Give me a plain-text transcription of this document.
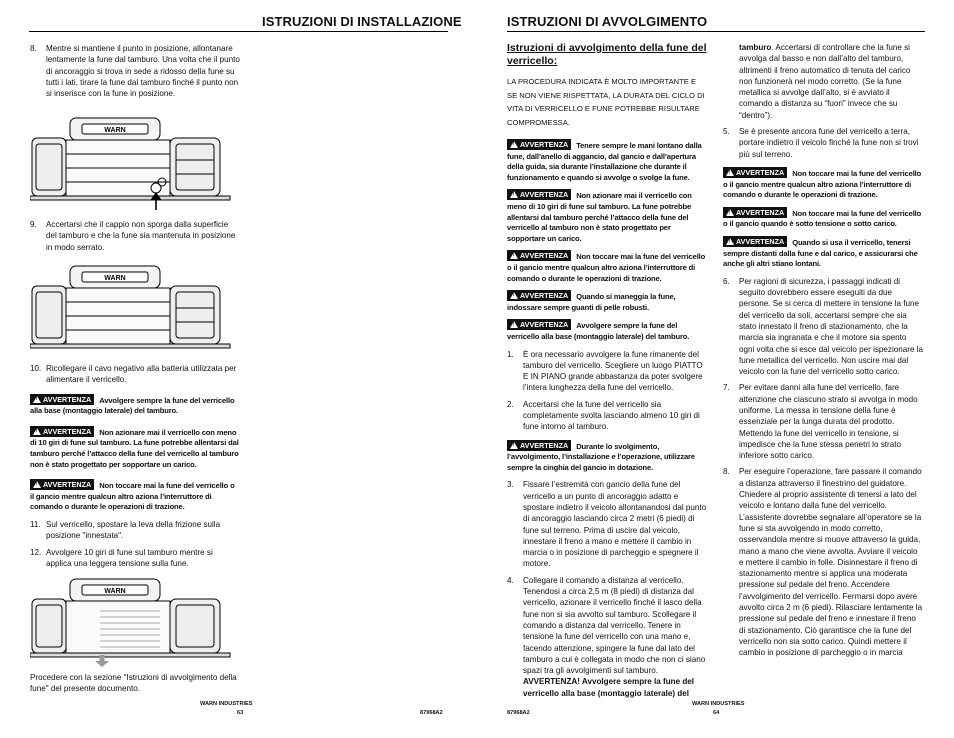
ISTRUZIONI DI INSTALLAZIONE
8.	Mentre si mantiene il punto in posizione, allontanare lentamente la fune dal tamburo. Una volta che il punto di ancoraggio si trova in sede a ridosso della fune su tutti i lati, tirare la fune dal tamburo finché il punto non si inserisce con la fune in posizione.
WARN
9.	Accertarsi che il cappio non sporga dalla superficie del tamburo e che la fune sia mantenuta in posizione in modo serrato.
WARN
10. Ricollegare il cavo negativo alla batteria utilizzata per alimentare il verricello.
!AVVERTENZA Avvolgere sempre la fune del verricello alla base (montaggio laterale) del tamburo.
!AVVERTENZA Non azionare mai il verricello con meno di 10 giri di fune sul tamburo. La fune potrebbe allentarsi dal tamburo perché l’attacco della fune del verricello al tamburo non è stato progettato per sopportare un carico.
!AVVERTENZA Non toccare mai la fune del verricello o il gancio mentre qualcun altro aziona l’interruttore di comando o durante le operazioni di trazione.
11. Sul verricello, spostare la leva della frizione sulla posizione "innestata".
12. Avvolgere 10 giri di fune sul tamburo mentre si applica una leggera tensione sulla fune.
WARN
Procedere con la sezione "Istruzioni di avvolgimento della fune" del presente documento.
WARN INDUSTRIES
63	87968A2
ISTRUZIONI DI AVVOLGIMENTO
Istruzioni di avvolgimento della fune del verricello:
LA PROCEDURA INDICATA È MOLTO IMPORTANTE E SE NON VIENE RISPETTATA, LA DURATA DEL CICLO DI VITA DI VERRICELLO E FUNE POTREBBE RISULTARE COMPROMESSA.
!AVVERTENZA Tenere sempre le mani lontano dalla fune, dall’anello di aggancio, dal gancio e dall’apertura della guida, sia durante l’installazione che durante il funzionamento e quando si avvolge o svolge la fune.
!AVVERTENZA Non azionare mai il verricello con meno di 10 giri di fune sul tamburo. La fune potrebbe allentarsi dal tamburo perché l’attacco della fune del verricello al tamburo non è stato progettato per sopportare un carico.
!AVVERTENZA Non toccare mai la fune del verricello o il gancio mentre qualcun altro aziona l’interruttore di comando o durante le operazioni di trazione.
!AVVERTENZA Quando si maneggia la fune, indossare sempre guanti di pelle robusti.
!AVVERTENZA Avvolgere sempre la fune del verricello alla base (montaggio laterale) del tamburo.
1.	È ora necessario avvolgere la fune rimanente del tamburo del verricello. Scegliere un luogo PIATTO E IN PIANO grande abbastanza da poter svolgere l’intera lunghezza della fune del verricello.
2.	Accertarsi che la fune del verricello sia completamente svolta lasciando almeno 10 giri di fune intorno al tamburo.
!AVVERTENZA Durante lo svolgimento, l’avvolgimento, l’installazione e l’operazione, utilizzare sempre la cinghia del gancio in dotazione.
3.	Fissare l’estremità con gancio della fune del verricello a un punto di ancoraggio adatto e spostare indietro il veicolo allontanandosi dal punto di ancoraggio lasciando circa 2 metri (6 piedi) di fune sul terreno. Prima di uscire dal veicolo, innestare il freno a mano e mettere il cambio in marcia o in posizione di parcheggio e spegnere il motore.
4.	Collegare il comando a distanza al verricello. Tenendosi a circa 2,5 m (8 piedi) di distanza dal verricello, azionare il verricello finché il lasco della fune non si sia avvolto sul tamburo. Scollegare il comando a distanza dal verricello. Tenere in tensione la fune del verricello con una mano e, facendo attenzione, spingere la fune dal lato del tamburo a cui è collegata in modo che non ci siano spazi tra gli avvolgimenti sul tamburo. AVVERTENZA! Avvolgere sempre la fune del verricello alla base (montaggio laterale) del

tamburo. Accertarsi di controllare che la fune si avvolga dal basso e non dall’alto del tamburo, altrimenti il freno automatico di tenuta del carico non funzionerà nel modo corretto. (Se la fune metallica si avvolge dall’alto, si è avviato il comando a distanza su “fuori” invece che su “dentro”).

5.	Se è presente ancora fune del verricello a terra, portare indietro il veicolo finché la fune non si trovi più sul terreno.
!AVVERTENZA Non toccare mai la fune del verricello o il gancio mentre qualcun altro aziona l’interruttore di comando o durante le operazioni di trazione.
!AVVERTENZA Non toccare mai la fune del verricello o il gancio quando è sotto tensione o sotto carico.
!AVVERTENZA Quando si usa il verricello, tenersi sempre distanti dalla fune e dal carico, e assicurarsi che anche gli altri stiano lontani.
6.	Per ragioni di sicurezza, i passaggi indicati di seguito dovrebbero essere eseguiti da due persone. Se si cerca di mettere in tensione la fune del verricello da soli, accertarsi sempre che sia stato innestato il freno di stazionamento, che la marcia sia ingranata e che il motore sia spento ogni volta che si esce dal veicolo per ispezionare la fune metallica del verricello. Non uscire mai dal veicolo con la fune del verricello sotto carico.
7.	Per evitare danni alla fune del verricello, fare attenzione che ciascuno strato si avvolga in modo uniforme. La messa in tensione della fune è essenziale per la lunga durata del prodotto. Mettendo la fune del verricello in tensione, si impedisce che la fune stessa penetri lo strato inferiore sotto carico.
8.	Per eseguire l’operazione, fare passare il comando a distanza attraverso il finestrino del guidatore. Chiedere al proprio assistente di tenersi a lato del veicolo e lontano dalla fune del verricello. L’assistente dovrebbe segnalare all’operatore se la fune si sta avvolgendo in modo corretto, osservandola mentre si muove attraverso la guida, mano a mano che viene avvolta. Avviare il veicolo e mettere il cambio in folle. Disinnestare il freno di stazionamento mentre si applica una moderata pressione sul pedale del freno. Accendere l’avvolgimento del verricello. Fermarsi dopo avere avvolto circa 2 m (6 piedi). Rilasciare lentamente la pressione sul pedale del freno e innestare il freno di stazionamento. Ciò garantisce che la fune del verricello non sia sotto carico. Quindi mettere il cambio in posizione di parcheggio o in marcia
87968A2
WARN INDUSTRIES
64
